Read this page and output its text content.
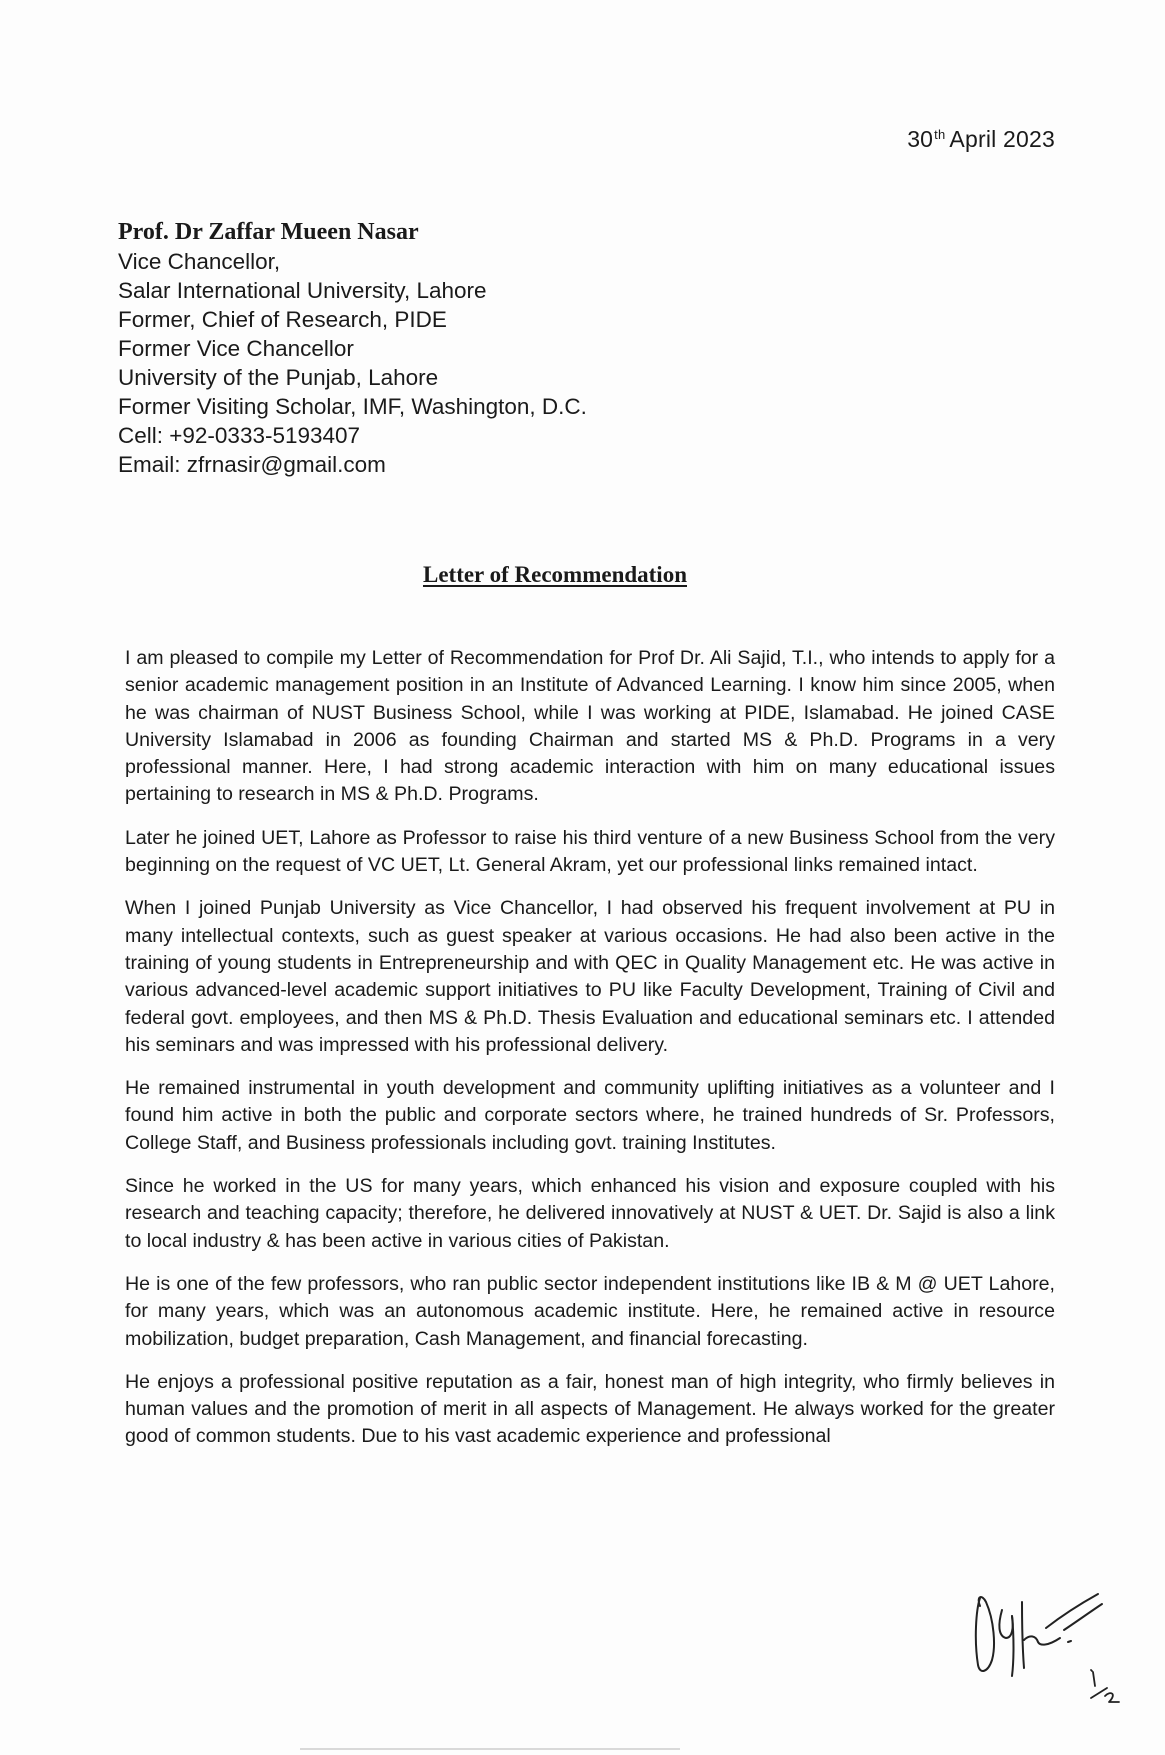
30th April 2023
Prof. Dr Zaffar Mueen Nasar
Vice Chancellor,
Salar International University, Lahore
Former, Chief of Research, PIDE
Former Vice Chancellor
University of the Punjab, Lahore
Former Visiting Scholar, IMF, Washington, D.C.
Cell: +92-0333-5193407
Email: zfrnasir@gmail.com
Letter of Recommendation

I am pleased to compile my Letter of Recommendation for Prof Dr. Ali Sajid, T.I., who intends to apply for a senior academic management position in an Institute of Advanced Learning. I know him since 2005, when he was chairman of NUST Business School, while I was working at PIDE, Islamabad. He joined CASE University Islamabad in 2006 as founding Chairman and started MS & Ph.D. Programs in a very professional manner. Here, I had strong academic interaction with him on many educational issues pertaining to research in MS & Ph.D. Programs.

Later he joined UET, Lahore as Professor to raise his third venture of a new Business School from the very beginning on the request of VC UET, Lt. General Akram, yet our professional links remained intact.

When I joined Punjab University as Vice Chancellor, I had observed his frequent involvement at PU in many intellectual contexts, such as guest speaker at various occasions. He had also been active in the training of young students in Entrepreneurship and with QEC in Quality Management etc. He was active in various advanced-level academic support initiatives to PU like Faculty Development, Training of Civil and federal govt. employees, and then MS & Ph.D. Thesis Evaluation and educational seminars etc. I attended his seminars and was impressed with his professional delivery.

He remained instrumental in youth development and community uplifting initiatives as a volunteer and I found him active in both the public and corporate sectors where, he trained hundreds of Sr. Professors, College Staff, and Business professionals including govt. training Institutes.

Since he worked in the US for many years, which enhanced his vision and exposure coupled with his research and teaching capacity; therefore, he delivered innovatively at NUST & UET. Dr. Sajid is also a link to local industry & has been active in various cities of Pakistan.

He is one of the few professors, who ran public sector independent institutions like IB & M @ UET Lahore, for many years, which was an autonomous academic institute. Here, he remained active in resource mobilization, budget preparation, Cash Management, and financial forecasting.

He enjoys a professional positive reputation as a fair, honest man of high integrity, who firmly believes in human values and the promotion of merit in all aspects of Management. He always worked for the greater good of common students. Due to his vast academic experience and professional
